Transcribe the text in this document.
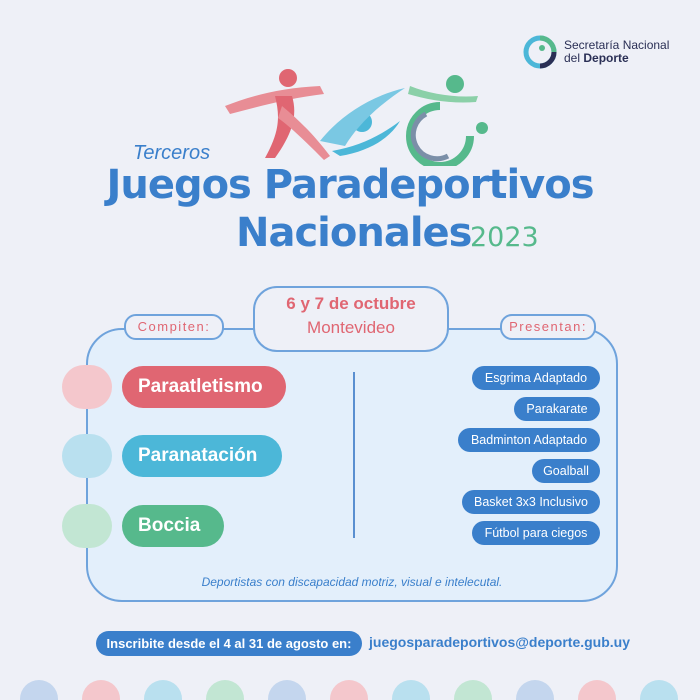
Secretaría Nacional
del Deporte
Terceros
Juegos Paradeportivos
Nacionales
2023
6 y 7 de octubre
Montevideo
Compiten:	Presentan:
Paraatletismo
Paranatación
Boccia
Esgrima Adaptado
Parakarate
Badminton Adaptado
Goalball
Basket 3x3 Inclusivo
Fútbol para ciegos
Deportistas con discapacidad motriz, visual e intelecutal.
Inscribite desde el 4 al 31 de agosto en:	juegosparadeportivos@deporte.gub.uy
